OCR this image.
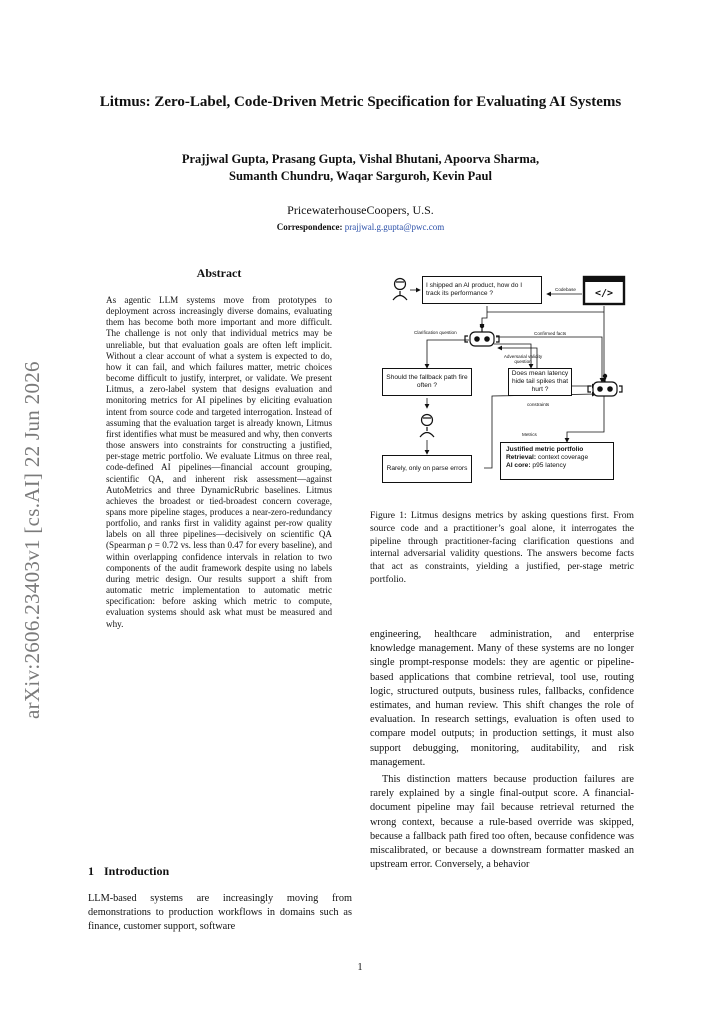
arXiv:2606.23403v1 [cs.AI] 22 Jun 2026
Litmus: Zero-Label, Code-Driven Metric Specification for Evaluating AI Systems
Prajjwal Gupta, Prasang Gupta, Vishal Bhutani, Apoorva Sharma,
Sumanth Chundru, Waqar Sarguroh, Kevin Paul
PricewaterhouseCoopers, U.S.
Correspondence: prajjwal.g.gupta@pwc.com
Abstract
As agentic LLM systems move from prototypes to deployment across increasingly diverse domains, evaluating them has become both more important and more difficult. The challenge is not only that individual metrics may be unreliable, but that evaluation goals are often left implicit. Without a clear account of what a system is expected to do, how it can fail, and which failures matter, metric choices become difficult to justify, interpret, or validate. We present Litmus, a zero-label system that designs evaluation and monitoring metrics for AI pipelines by eliciting evaluation intent from source code and targeted interrogation. Instead of assuming that the evaluation target is already known, Litmus first identifies what must be measured and why, then converts those answers into constraints for constructing a justified, per-stage metric portfolio. We evaluate Litmus on three real, code-defined AI pipelines—financial account grouping, scientific QA, and inherent risk assessment—against AutoMetrics and three DynamicRubric baselines. Litmus achieves the broadest or tied-broadest concern coverage, spans more pipeline stages, produces a near-zero-redundancy portfolio, and ranks first in validity against per-row quality labels on all three pipelines—decisively on scientific QA (Spearman ρ = 0.72 vs. less than 0.47 for every baseline), and within overlapping confidence intervals in relation to two components of the audit framework despite using no labels during metric design. Our results support a shift from automatic metric implementation to automatic metric specification: before asking which metric to compute, evaluation systems should ask what must be measured and why.
1 Introduction
LLM-based systems are increasingly moving from demonstrations to production workflows in domains such as finance, customer support, software
</>
I shipped an AI product, how do I track its performance ?
Codebase
Clarification question	Confirmed facts
Adversarial validity question
Should the fallback path fire often ?
Does mean latency hide tail spikes that hurt ?
constraints
Metrics
Rarely, only on parse errors
Justified metric portfolio
Retrieval: context coverage
AI core: p95 latency
Figure 1: Litmus designs metrics by asking questions first. From source code and a practitioner’s goal alone, it interrogates the pipeline through practitioner-facing clarification questions and internal adversarial validity questions. The answers become facts that act as constraints, yielding a justified, per-stage metric portfolio.

engineering, healthcare administration, and enterprise knowledge management. Many of these systems are no longer single prompt-response models: they are agentic or pipeline-based applications that combine retrieval, tool use, routing logic, structured outputs, business rules, fallbacks, confidence estimates, and human review. This shift changes the role of evaluation. In research settings, evaluation is often used to compare model outputs; in production settings, it must also support debugging, monitoring, auditability, and risk management.

This distinction matters because production failures are rarely explained by a single final-output score. A financial-document pipeline may fail because retrieval returned the wrong context, because a rule-based override was skipped, because a fallback path fired too often, because confidence was miscalibrated, or because a downstream formatter masked an upstream error. Conversely, a behavior

1
